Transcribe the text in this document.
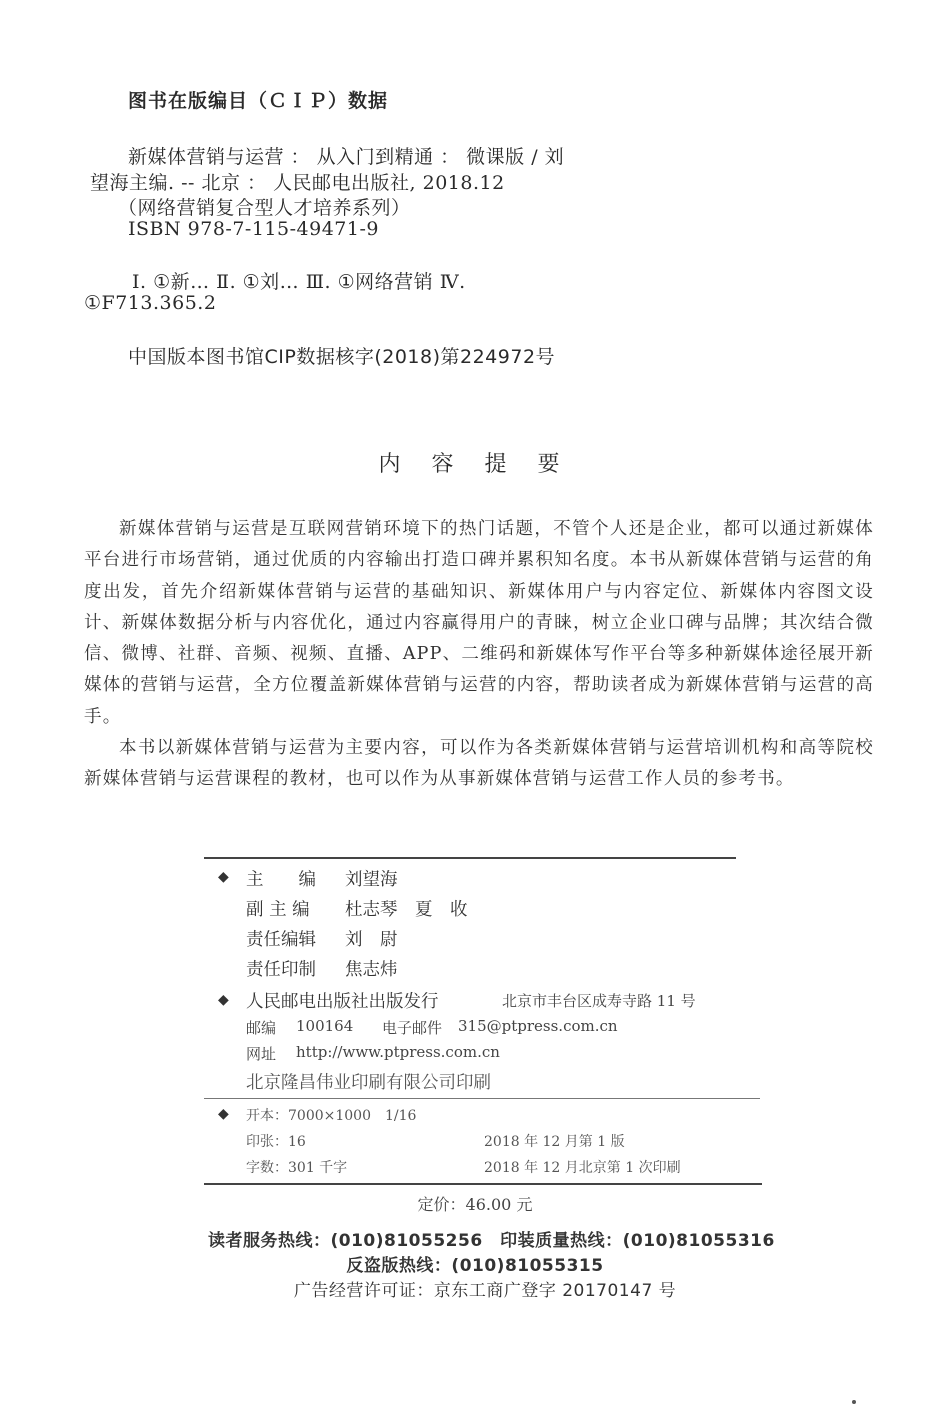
图书在版编目（ＣＩＰ）数据
新媒体营销与运营 ： 从入门到精通 ： 微课版 / 刘
望海主编. -- 北京 ： 人民邮电出版社, 2018.12
（网络营销复合型人才培养系列）
ISBN 978-7-115-49471-9
Ⅰ. ①新… Ⅱ. ①刘… Ⅲ. ①网络营销 Ⅳ.
①F713.365.2
中国版本图书馆CIP数据核字(2018)第224972号
内 容 提 要

新媒体营销与运营是互联网营销环境下的热门话题，不管个人还是企业，都可以通过新媒体平台进行市场营销，通过优质的内容输出打造口碑并累积知名度。本书从新媒体营销与运营的角度出发，首先介绍新媒体营销与运营的基础知识、新媒体用户与内容定位、新媒体内容图文设计、新媒体数据分析与内容优化，通过内容赢得用户的青睐，树立企业口碑与品牌；其次结合微信、微博、社群、音频、视频、直播、APP、二维码和新媒体写作平台等多种新媒体途径展开新媒体的营销与运营，全方位覆盖新媒体营销与运营的内容，帮助读者成为新媒体营销与运营的高手。

本书以新媒体营销与运营为主要内容，可以作为各类新媒体营销与运营培训机构和高等院校新媒体营销与运营课程的教材，也可以作为从事新媒体营销与运营工作人员的参考书。

◆ 主　　编 刘望海
副 主 编 杜志琴　夏　收
责任编辑 刘　尉
责任印制 焦志炜
◆ 人民邮电出版社出版发行	北京市丰台区成寿寺路 11 号
邮编 100164 电子邮件 315@ptpress.com.cn
网址 http://www.ptpress.com.cn
北京隆昌伟业印刷有限公司印刷
◆ 开本：7000×1000　1/16
印张：16	2018 年 12 月第 1 版
字数：301 千字	2018 年 12 月北京第 1 次印刷
定价：46.00 元
读者服务热线：(010)81055256　印装质量热线：(010)81055316
反盗版热线：(010)81055315
广告经营许可证：京东工商广登字 20170147 号
